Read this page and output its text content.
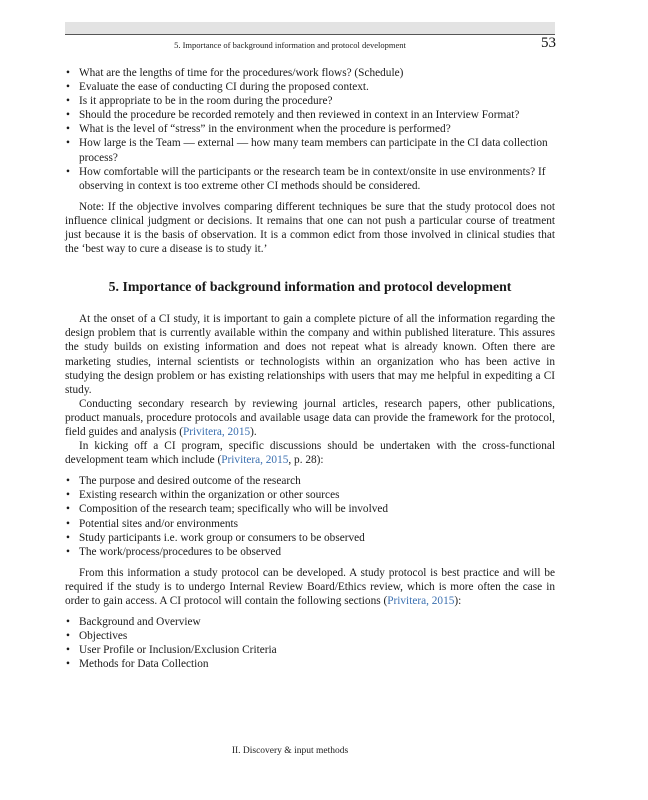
5. Importance of background information and protocol development	53
• What are the lengths of time for the procedures/work flows? (Schedule)
• Evaluate the ease of conducting CI during the proposed context.
• Is it appropriate to be in the room during the procedure?
• Should the procedure be recorded remotely and then reviewed in context in an Interview Format?
• What is the level of “stress” in the environment when the procedure is performed?
• How large is the Team — external — how many team members can participate in the CI data collection process?
• How comfortable will the participants or the research team be in context/onsite in use environments? If observing in context is too extreme other CI methods should be considered.

Note: If the objective involves comparing different techniques be sure that the study protocol does not influence clinical judgment or decisions. It remains that one can not push a particular course of treatment just because it is the basis of observation. It is a common edict from those involved in clinical studies that the ‘best way to cure a disease is to study it.’

5. Importance of background information and protocol development

At the onset of a CI study, it is important to gain a complete picture of all the information regarding the design problem that is currently available within the company and within published literature. This assures the study builds on existing information and does not repeat what is already known. Often there are marketing studies, internal scientists or technologists within an organization who has been active in studying the design problem or has existing relationships with users that may me helpful in expediting a CI study.

Conducting secondary research by reviewing journal articles, research papers, other publications, product manuals, procedure protocols and available usage data can provide the framework for the protocol, field guides and analysis (Privitera, 2015).

In kicking off a CI program, specific discussions should be undertaken with the cross-functional development team which include (Privitera, 2015, p. 28):

• The purpose and desired outcome of the research
• Existing research within the organization or other sources
• Composition of the research team; specifically who will be involved
• Potential sites and/or environments
• Study participants i.e. work group or consumers to be observed
• The work/process/procedures to be observed

From this information a study protocol can be developed. A study protocol is best practice and will be required if the study is to undergo Internal Review Board/Ethics review, which is more often the case in order to gain access. A CI protocol will contain the following sections (Privitera, 2015):

• Background and Overview
• Objectives
• User Profile or Inclusion/Exclusion Criteria
• Methods for Data Collection
II. Discovery & input methods
